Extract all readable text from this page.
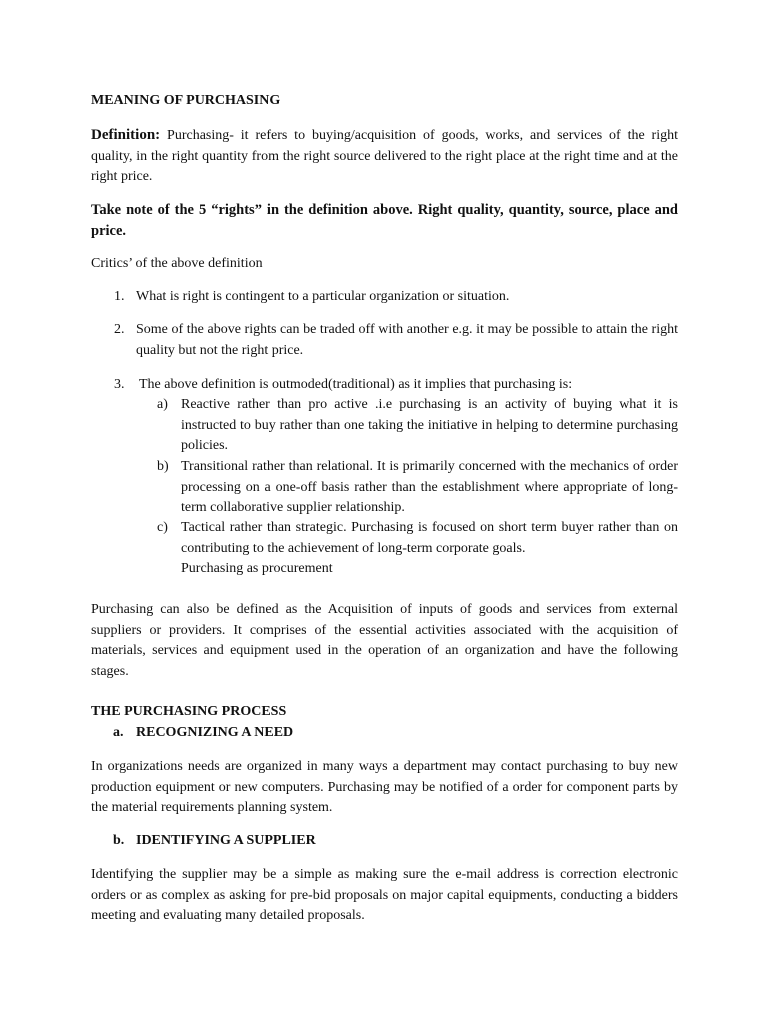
MEANING OF PURCHASING

Definition: Purchasing- it refers to buying/acquisition of goods, works, and services of the right quality, in the right quantity from the right source delivered to the right place at the right time and at the right price.

Take note of the 5 “rights” in the definition above. Right quality, quantity, source, place and price.

Critics’ of the above definition

1. What is right is contingent to a particular organization or situation.
2. Some of the above rights can be traded off with another e.g. it may be possible to attain the right quality but not the right price.
3. The above definition is outmoded(traditional) as it implies that purchasing is:
a) Reactive rather than pro active .i.e purchasing is an activity of buying what it is instructed to buy rather than one taking the initiative in helping to determine purchasing policies.
b) Transitional rather than relational. It is primarily concerned with the mechanics of order processing on a one-off basis rather than the establishment where appropriate of long-term collaborative supplier relationship.
c) Tactical rather than strategic. Purchasing is focused on short term buyer rather than on contributing to the achievement of long-term corporate goals.
Purchasing as procurement

Purchasing can also be defined as the Acquisition of inputs of goods and services from external suppliers or providers. It comprises of the essential activities associated with the acquisition of materials, services and equipment used in the operation of an organization and have the following stages.

THE PURCHASING PROCESS
a. RECOGNIZING A NEED

In organizations needs are organized in many ways a department may contact purchasing to buy new production equipment or new computers. Purchasing may be notified of a order for component parts by the material requirements planning system.

b. IDENTIFYING A SUPPLIER

Identifying the supplier may be a simple as making sure the e-mail address is correction electronic orders or as complex as asking for pre-bid proposals on major capital equipments, conducting a bidders meeting and evaluating many detailed proposals.
